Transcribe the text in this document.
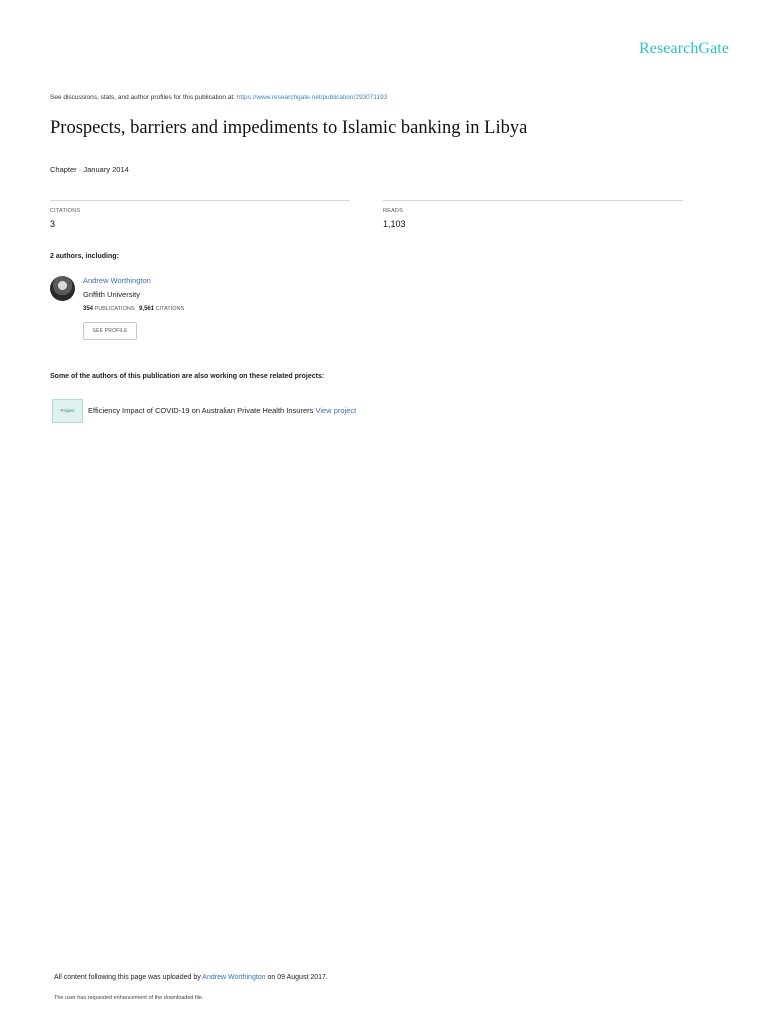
ResearchGate
See discussions, stats, and author profiles for this publication at: https://www.researchgate.net/publication/293071193
Prospects, barriers and impediments to Islamic banking in Libya
Chapter · January 2014
CITATIONS
3
READS
1,103
2 authors, including:
Andrew Worthington
Griffith University
354 PUBLICATIONS 9,561 CITATIONS
SEE PROFILE
Some of the authors of this publication are also working on these related projects:
Project	Efficiency Impact of COVID-19 on Australian Private Health Insurers View project
All content following this page was uploaded by Andrew Worthington on 09 August 2017.
The user has requested enhancement of the downloaded file.
